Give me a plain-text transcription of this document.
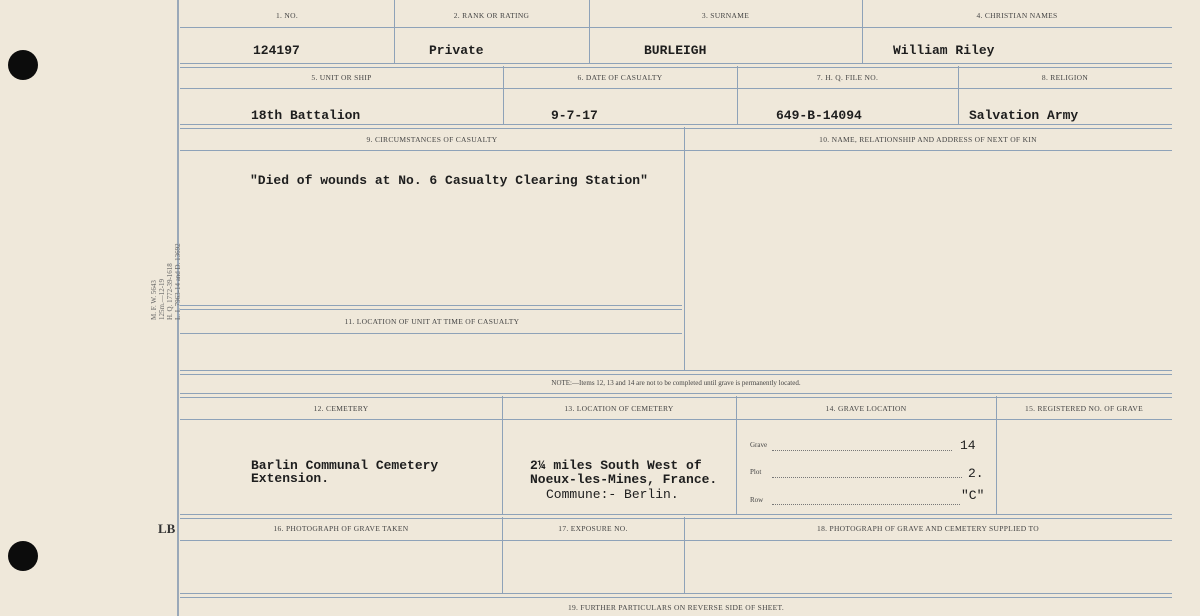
M. F. W. 5643 125m.—12-19 H. Q. 1772-39-1618 L. I. 7963-14 and D. 13692
LB
1. NO.	2. RANK OR RATING	3. SURNAME	4. CHRISTIAN NAMES
124197	Private	BURLEIGH	William Riley
5. UNIT OR SHIP	6. DATE OF CASUALTY	7. H. Q. FILE NO.	8. RELIGION
18th Battalion	9-7-17	649-B-14094	Salvation Army
9. CIRCUMSTANCES OF CASUALTY	10. NAME, RELATIONSHIP AND ADDRESS OF NEXT OF KIN
"Died of wounds at No. 6 Casualty Clearing Station"
11. LOCATION OF UNIT AT TIME OF CASUALTY
NOTE:—Items 12, 13 and 14 are not to be completed until grave is permanently located.
12. CEMETERY	13. LOCATION OF CEMETERY	14. GRAVE LOCATION	15. REGISTERED NO. OF GRAVE
Barlin Communal Cemetery
Extension.
2¼ miles South West of
Noeux-les-Mines, France.
Commune:- Berlin.
Grave	14
Plot	2.
Row	"C"
16. PHOTOGRAPH OF GRAVE TAKEN	17. EXPOSURE NO.	18. PHOTOGRAPH OF GRAVE AND CEMETERY SUPPLIED TO
19. FURTHER PARTICULARS ON REVERSE SIDE OF SHEET.
